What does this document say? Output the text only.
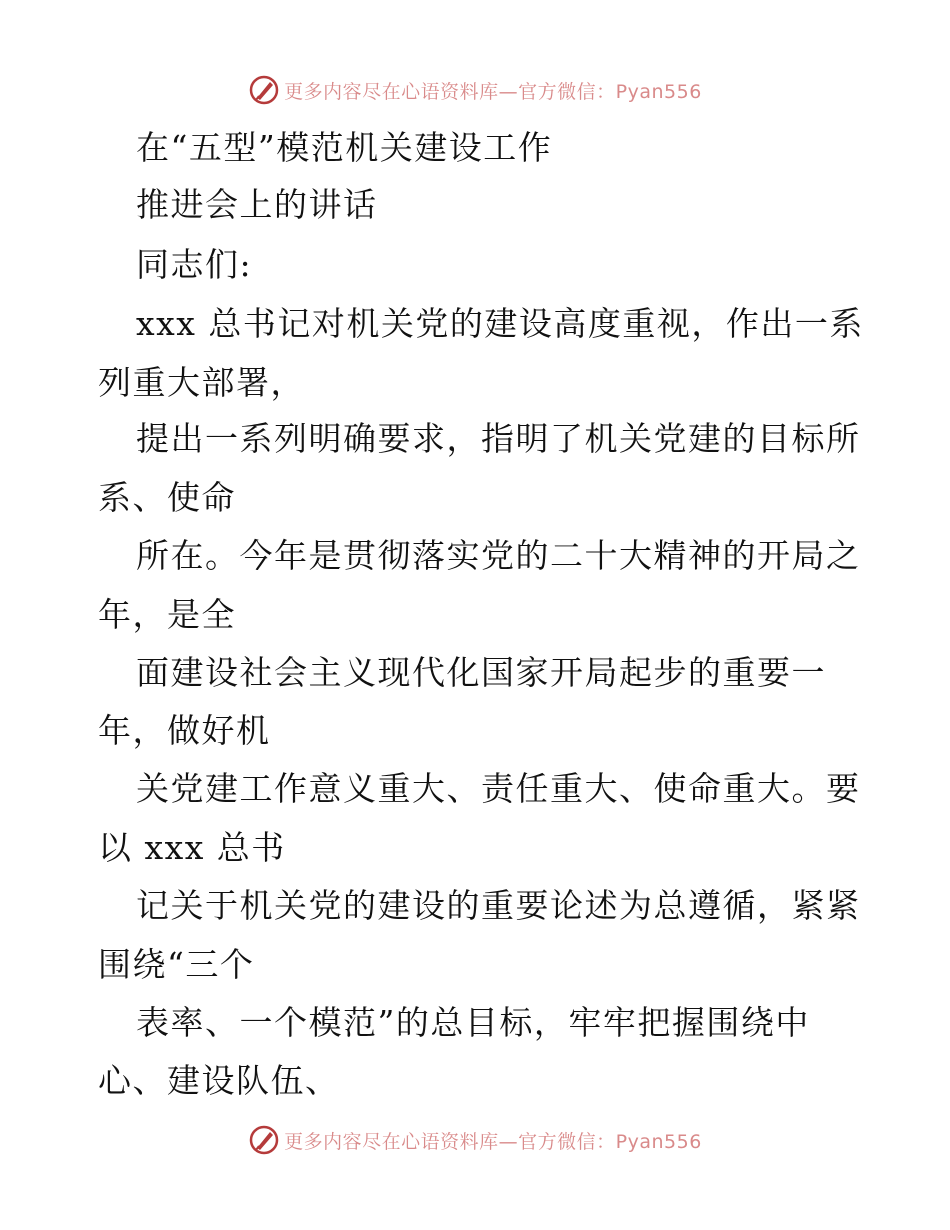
更多内容尽在心语资料库—官方微信：Pyan556
在“五型”模范机关建设工作
推进会上的讲话
同志们:
xxx 总书记对机关党的建设高度重视，作出一系
列重大部署，
提出一系列明确要求，指明了机关党建的目标所
系、使命
所在。今年是贯彻落实党的二十大精神的开局之
年，是全
面建设社会主义现代化国家开局起步的重要一
年，做好机
关党建工作意义重大、责任重大、使命重大。要
以 xxx 总书
记关于机关党的建设的重要论述为总遵循，紧紧
围绕“三个
表率、一个模范”的总目标，牢牢把握围绕中
心、建设队伍、
更多内容尽在心语资料库—官方微信：Pyan556
